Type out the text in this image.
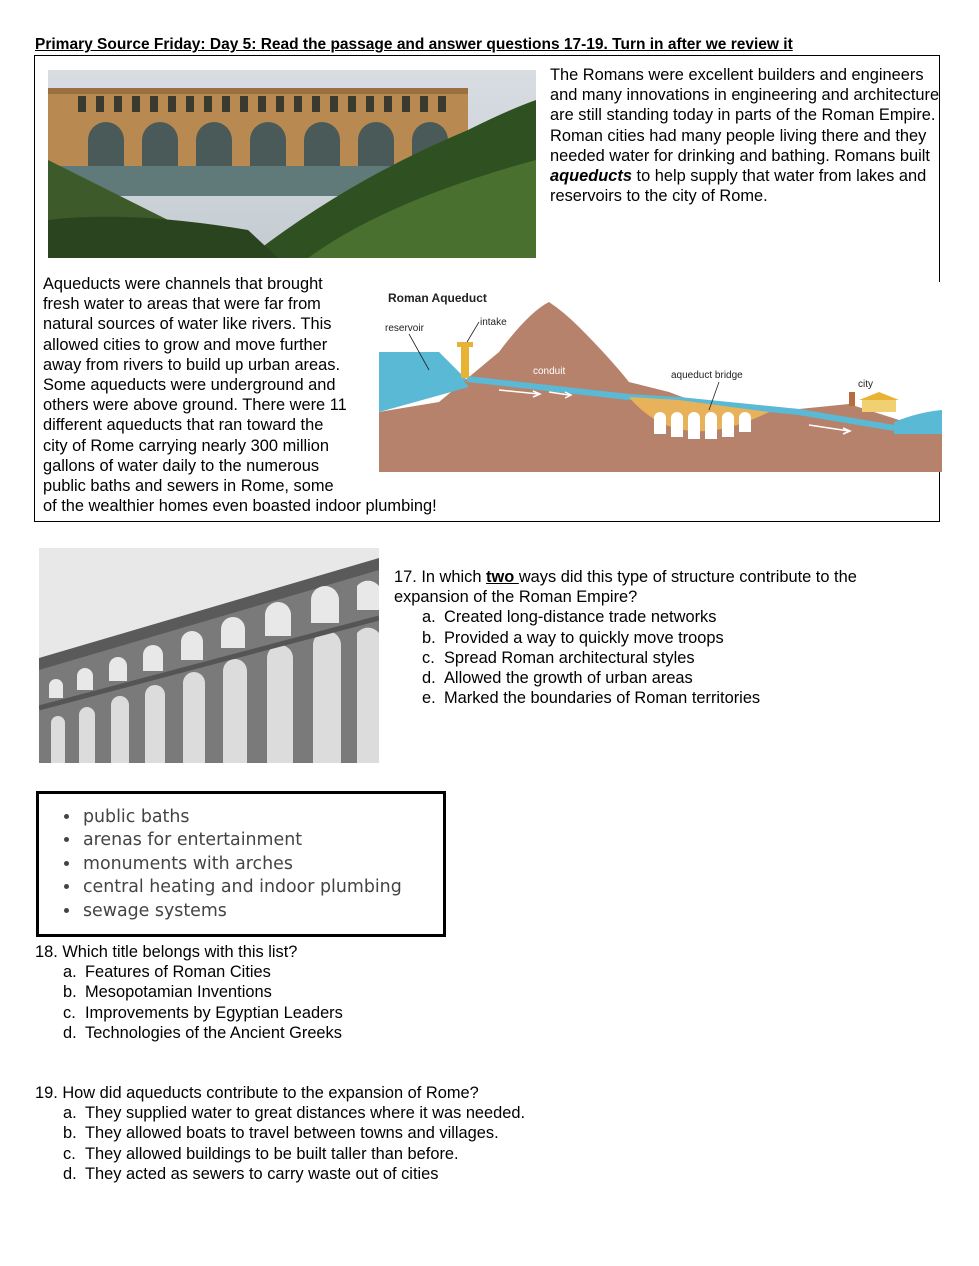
Primary Source Friday: Day 5: Read the passage and answer questions 17-19. Turn in after we review it
The Romans were excellent builders and engineers and many innovations in engineering and architecture are still standing today in parts of the Roman Empire. Roman cities had many people living there and they needed water for drinking and bathing. Romans built aqueducts to help supply that water from lakes and reservoirs to the city of Rome.
Aqueducts were channels that brought
fresh water to areas that were far from
natural sources of water like rivers. This
allowed cities to grow and move further
away from rivers to build up urban areas.
Some aqueducts were underground and
others were above ground. There were 11
different aqueducts that ran toward the
city of Rome carrying nearly 300 million
gallons of water daily to the numerous
public baths and sewers in Rome, some
of the wealthier homes even boasted indoor plumbing!
Roman Aqueduct
reservoir
intake
conduit	aqueduct bridge
city
17. In which two ways did this type of structure contribute to the expansion of the Roman Empire?
a. Created long-distance trade networks
b. Provided a way to quickly move troops
c. Spread Roman architectural styles
d. Allowed the growth of urban areas
e. Marked the boundaries of Roman territories
• public baths
• arenas for entertainment
• monuments with arches
• central heating and indoor plumbing
• sewage systems
18. Which title belongs with this list?
a. Features of Roman Cities
b. Mesopotamian Inventions
c. Improvements by Egyptian Leaders
d. Technologies of the Ancient Greeks
19. How did aqueducts contribute to the expansion of Rome?
a. They supplied water to great distances where it was needed.
b. They allowed boats to travel between towns and villages.
c. They allowed buildings to be built taller than before.
d. They acted as sewers to carry waste out of cities
